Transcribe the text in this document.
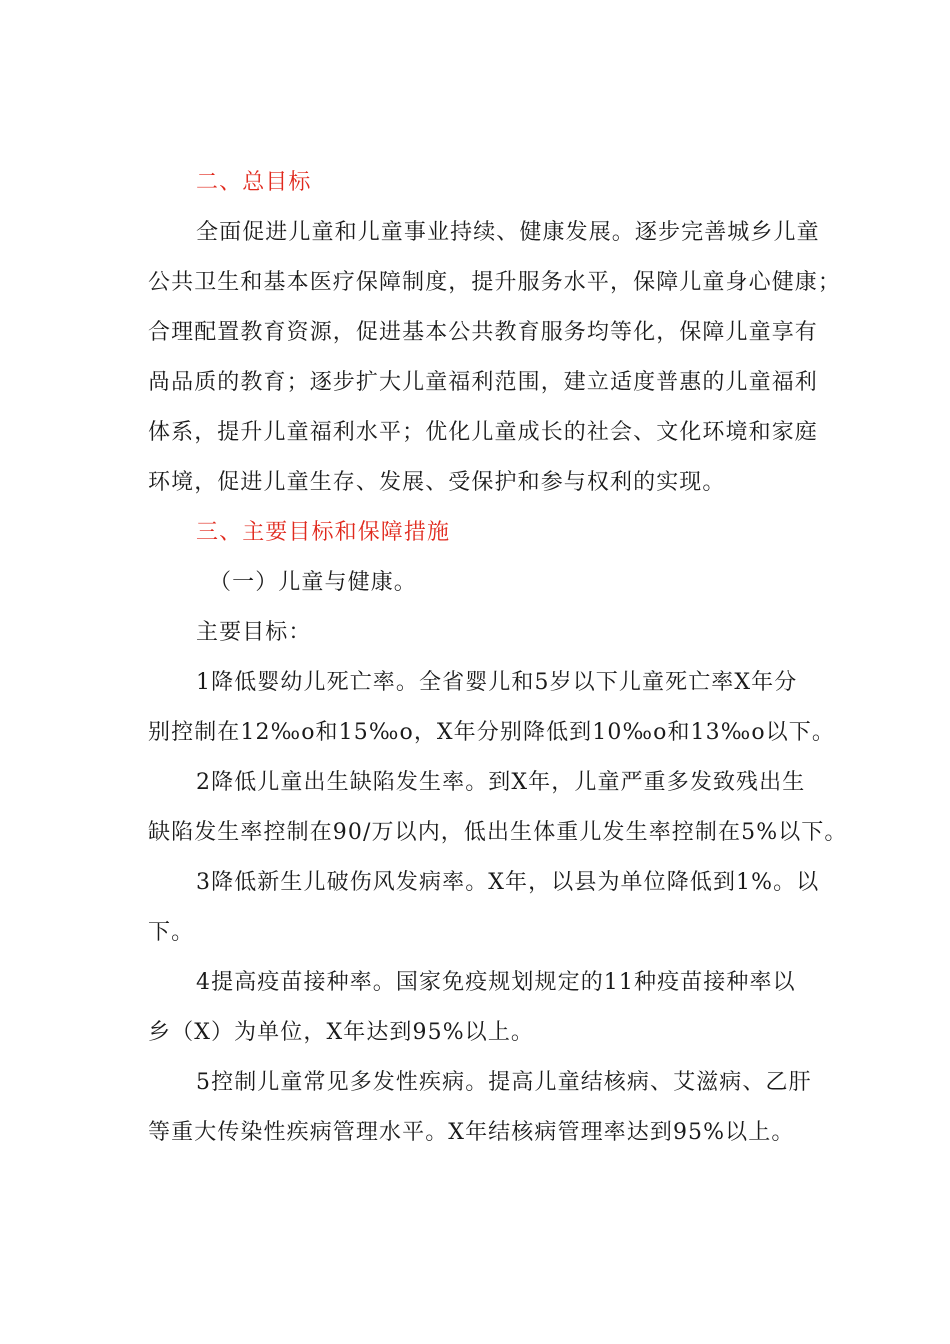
二、总目标
全面促进儿童和儿童事业持续、健康发展。逐步完善城乡儿童
公共卫生和基本医疗保障制度，提升服务水平，保障儿童身心健康；
合理配置教育资源，促进基本公共教育服务均等化，保障儿童享有
咼品质的教育；逐步扩大儿童福利范围，建立适度普惠的儿童福利
体系，提升儿童福利水平；优化儿童成长的社会、文化环境和家庭
环境，促进儿童生存、发展、受保护和参与权利的实现。
三、主要目标和保障措施
（一）儿童与健康。
主要目标：
1降低婴幼儿死亡率。全省婴儿和5岁以下儿童死亡率X年分
别控制在12‰o和15‰o，X年分别降低到10‰o和13‰o以下。
2降低儿童出生缺陷发生率。到X年，儿童严重多发致残出生
缺陷发生率控制在90/万以内，低出生体重儿发生率控制在5%以下。
3降低新生儿破伤风发病率。X年，以县为单位降低到1%。以
下。
4提高疫苗接种率。国家免疫规划规定的11种疫苗接种率以
乡（X）为单位，X年达到95%以上。
5控制儿童常见多发性疾病。提高儿童结核病、艾滋病、乙肝
等重大传染性疾病管理水平。X年结核病管理率达到95%以上。
